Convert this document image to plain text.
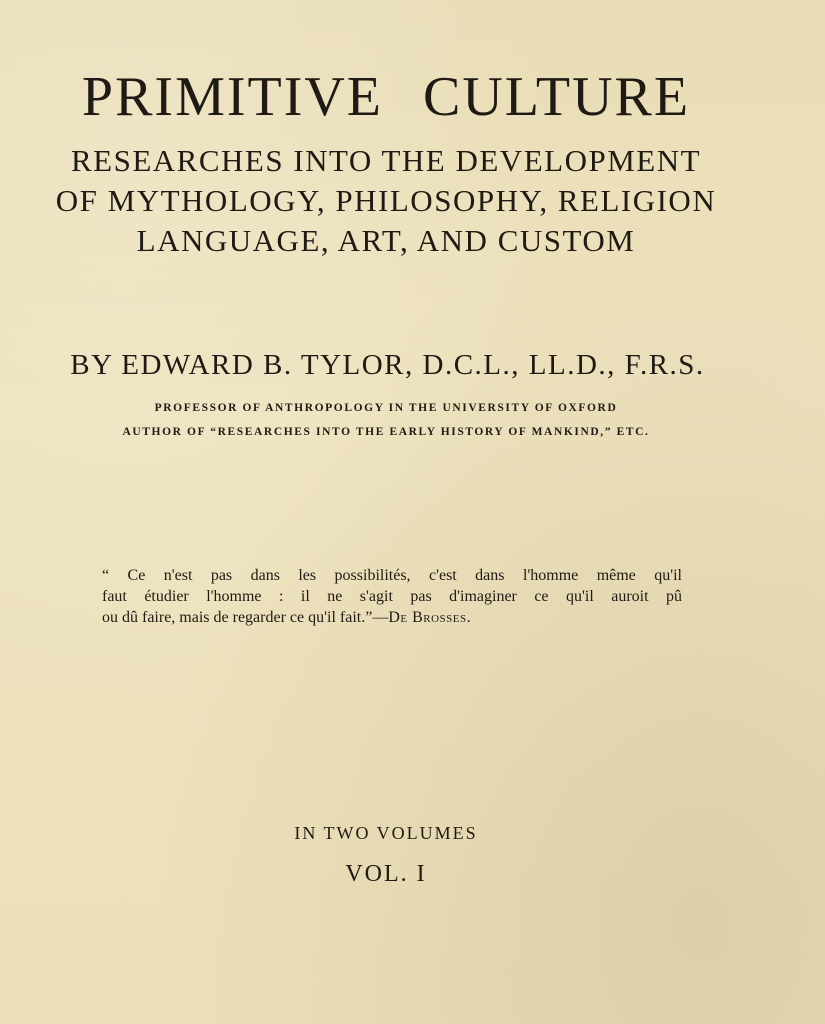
PRIMITIVE CULTURE
RESEARCHES INTO THE DEVELOPMENT
OF MYTHOLOGY, PHILOSOPHY, RELIGION
LANGUAGE, ART, AND CUSTOM
BY EDWARD B. TYLOR, D.C.L., LL.D., F.R.S.
PROFESSOR OF ANTHROPOLOGY IN THE UNIVERSITY OF OXFORD
AUTHOR OF “RESEARCHES INTO THE EARLY HISTORY OF MANKIND,” ETC.
“ Ce n'est pas dans les possibilités, c'est dans l'homme même qu'il
faut étudier l'homme : il ne s'agit pas d'imaginer ce qu'il auroit pû
ou dû faire, mais de regarder ce qu'il fait.”—De Brosses.
IN TWO VOLUMES
VOL. I
